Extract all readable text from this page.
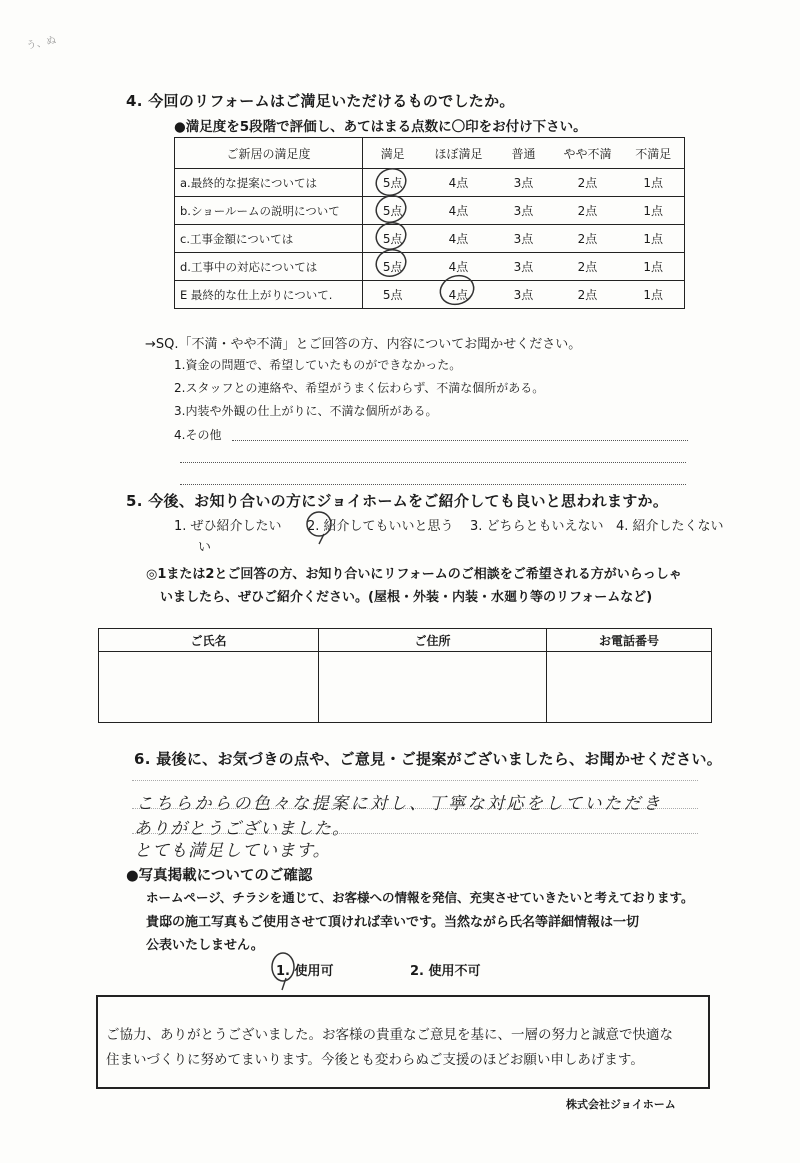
う、ぬ
4. 今回のリフォームはご満足いただけるものでしたか。
●満足度を5段階で評価し、あてはまる点数に〇印をお付け下さい。
ご新居の満足度	満足	ほぼ満足	普通	やや不満	不満足
a.最終的な提案については	5点	4点	3点	2点	1点
b.ショールームの説明について	5点	4点	3点	2点	1点
c.工事金額については	5点	4点	3点	2点	1点
d.工事中の対応については	5点	4点	3点	2点	1点
E 最終的な仕上がりについて.	5点	4点	3点	2点	1点
→SQ.「不満・やや不満」とご回答の方、内容についてお聞かせください。
1.資金の問題で、希望していたものができなかった。
2.スタッフとの連絡や、希望がうまく伝わらず、不満な個所がある。
3.内装や外観の仕上がりに、不満な個所がある。
4.その他
5. 今後、お知り合いの方にジョイホームをご紹介しても良いと思われますか。
1. ぜひ紹介したい 2. 紹介してもいいと思う 3. どちらともいえない 4. 紹介したくない
い
◎1または2とご回答の方、お知り合いにリフォームのご相談をご希望される方がいらっしゃ
いましたら、ぜひご紹介ください。(屋根・外装・内装・水廻り等のリフォームなど)
ご氏名	ご住所	お電話番号

6. 最後に、お気づきの点や、ご意見・ご提案がございましたら、お聞かせください。
こちらからの色々な提案に対し、丁寧な対応をしていただき
ありがとうございました。
とても満足しています。
●写真掲載についてのご確認
ホームページ、チラシを通じて、お客様への情報を発信、充実させていきたいと考えております。
貴邸の施工写真もご使用させて頂ければ幸いです。当然ながら氏名等詳細情報は一切
公表いたしません。
1. 使用可	2. 使用不可
ご協力、ありがとうございました。お客様の貴重なご意見を基に、一層の努力と誠意で快適な
住まいづくりに努めてまいります。今後とも変わらぬご支援のほどお願い申しあげます。
株式会社ジョイホーム
